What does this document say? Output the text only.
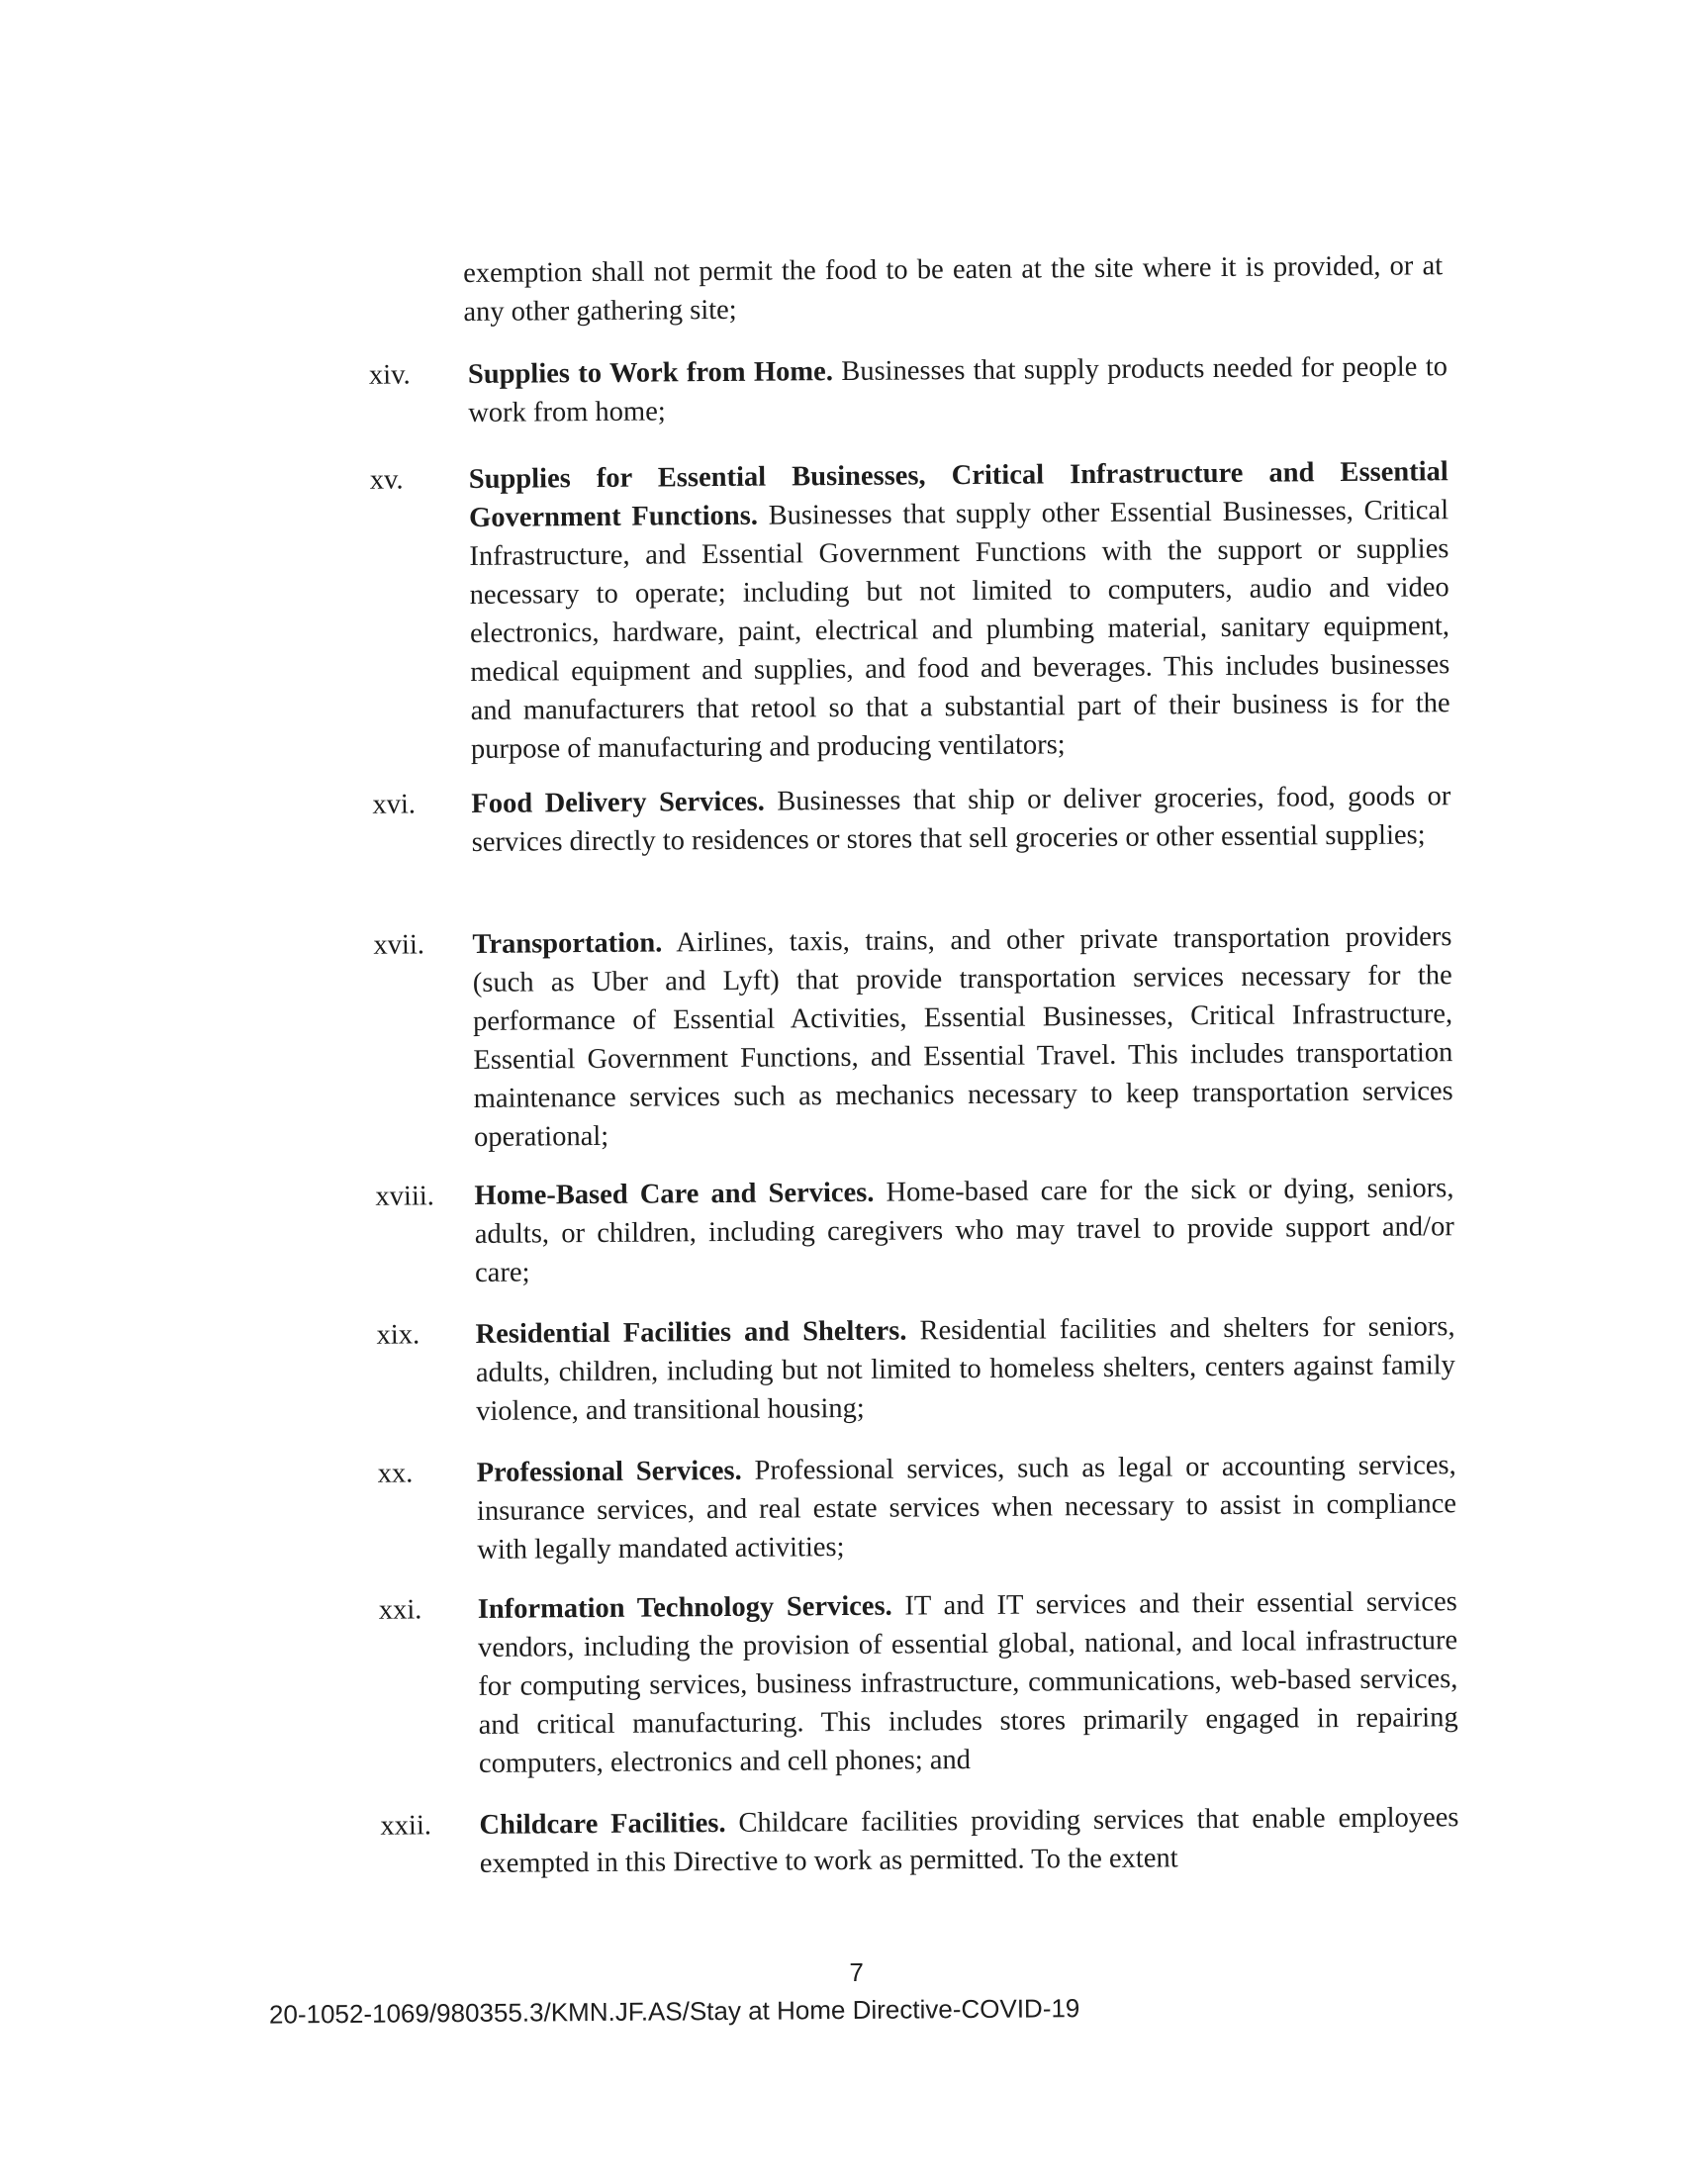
exemption shall not permit the food to be eaten at the site where it is provided, or at any other gathering site;

xiv. Supplies to Work from Home. Businesses that supply products needed for people to work from home;

xv. Supplies for Essential Businesses, Critical Infrastructure and Essential Government Functions. Businesses that supply other Essential Businesses, Critical Infrastructure, and Essential Government Functions with the support or supplies necessary to operate; including but not limited to computers, audio and video electronics, hardware, paint, electrical and plumbing material, sanitary equipment, medical equipment and supplies, and food and beverages. This includes businesses and manufacturers that retool so that a substantial part of their business is for the purpose of manufacturing and producing ventilators;

xvi. Food Delivery Services. Businesses that ship or deliver groceries, food, goods or services directly to residences or stores that sell groceries or other essential supplies;

xvii. Transportation. Airlines, taxis, trains, and other private transportation providers (such as Uber and Lyft) that provide transportation services necessary for the performance of Essential Activities, Essential Businesses, Critical Infrastructure, Essential Government Functions, and Essential Travel. This includes transportation maintenance services such as mechanics necessary to keep transportation services operational;

xviii. Home-Based Care and Services. Home-based care for the sick or dying, seniors, adults, or children, including caregivers who may travel to provide support and/or care;

xix. Residential Facilities and Shelters. Residential facilities and shelters for seniors, adults, children, including but not limited to homeless shelters, centers against family violence, and transitional housing;

xx. Professional Services. Professional services, such as legal or accounting services, insurance services, and real estate services when necessary to assist in compliance with legally mandated activities;

xxi. Information Technology Services. IT and IT services and their essential services vendors, including the provision of essential global, national, and local infrastructure for computing services, business infrastructure, communications, web-based services, and critical manufacturing. This includes stores primarily engaged in repairing computers, electronics and cell phones; and

xxii. Childcare Facilities. Childcare facilities providing services that enable employees exempted in this Directive to work as permitted. To the extent

7
20-1052-1069/980355.3/KMN.JF.AS/Stay at Home Directive-COVID-19
